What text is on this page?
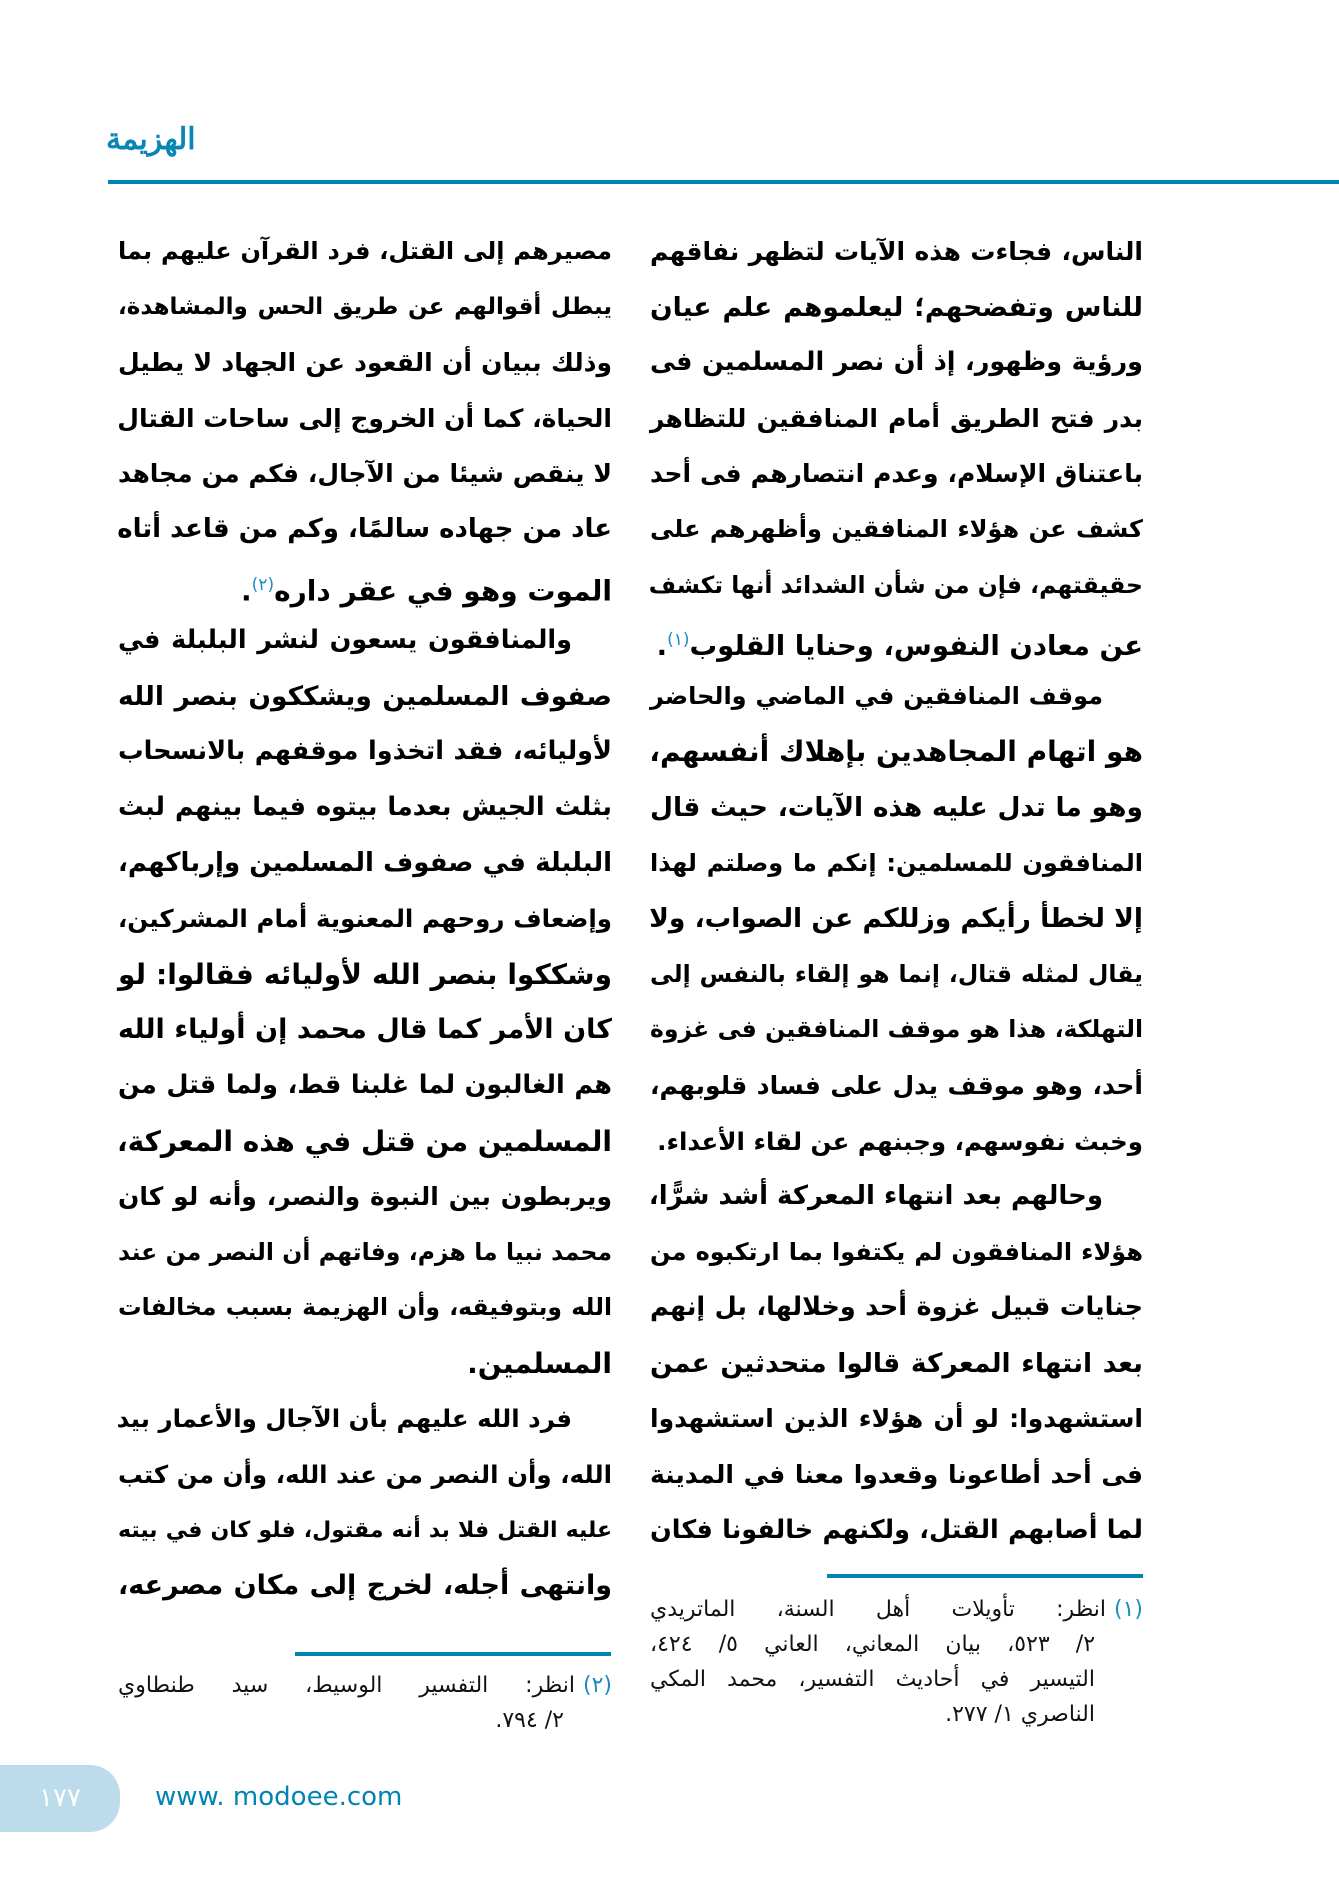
الهزيمة
الناس، فجاءت هذه الآيات لتظهر نفاقهم
للناس وتفضحهم؛ ليعلموهم علم عيان
ورؤية وظهور، إذ أن نصر المسلمين فى
بدر فتح الطريق أمام المنافقين للتظاهر
باعتناق الإسلام، وعدم انتصارهم فى أحد
كشف عن هؤلاء المنافقين وأظهرهم على
حقيقتهم، فإن من شأن الشدائد أنها تكشف
عن معادن النفوس، وحنايا القلوب$^{(١)}$.
موقف المنافقين في الماضي والحاضر
هو اتهام المجاهدين بإهلاك أنفسهم،
وهو ما تدل عليه هذه الآيات، حيث قال
المنافقون للمسلمين: إنكم ما وصلتم لهذا
إلا لخطأ رأيكم وزللكم عن الصواب، ولا
يقال لمثله قتال، إنما هو إلقاء بالنفس إلى
التهلكة، هذا هو موقف المنافقين فى غزوة
أحد، وهو موقف يدل على فساد قلوبهم،
وخبث نفوسهم، وجبنهم عن لقاء الأعداء.
وحالهم بعد انتهاء المعركة أشد شرًّا،
هؤلاء المنافقون لم يكتفوا بما ارتكبوه من
جنايات قبيل غزوة أحد وخلالها، بل إنهم
بعد انتهاء المعركة قالوا متحدثين عمن
استشهدوا: لو أن هؤلاء الذين استشهدوا
فى أحد أطاعونا وقعدوا معنا في المدينة
لما أصابهم القتل، ولكنهم خالفونا فكان
مصيرهم إلى القتل، فرد القرآن عليهم بما
يبطل أقوالهم عن طريق الحس والمشاهدة،
وذلك ببيان أن القعود عن الجهاد لا يطيل
الحياة، كما أن الخروج إلى ساحات القتال
لا ينقص شيئا من الآجال، فكم من مجاهد
عاد من جهاده سالمًا، وكم من قاعد أتاه
الموت وهو في عقر داره$^{(٢)}$.
والمنافقون يسعون لنشر البلبلة في
صفوف المسلمين ويشككون بنصر الله
لأوليائه، فقد اتخذوا موقفهم بالانسحاب
بثلث الجيش بعدما بيتوه فيما بينهم لبث
البلبلة في صفوف المسلمين وإرباكهم،
وإضعاف روحهم المعنوية أمام المشركين،
وشككوا بنصر الله لأوليائه فقالوا: لو
كان الأمر كما قال محمد إن أولياء الله
هم الغالبون لما غلبنا قط، ولما قتل من
المسلمين من قتل في هذه المعركة،
ويربطون بين النبوة والنصر، وأنه لو كان
محمد نبيا ما هزم، وفاتهم أن النصر من عند
الله وبتوفيقه، وأن الهزيمة بسبب مخالفات
المسلمين.
فرد الله عليهم بأن الآجال والأعمار بيد
الله، وأن النصر من عند الله، وأن من كتب
عليه القتل فلا بد أنه مقتول، فلو كان في بيته
وانتهى أجله، لخرج إلى مكان مصرعه،
(١)انظر: تأويلات أهل السنة، الماتريدي
٢/ ٥٢٣، بيان المعاني، العاني ٥/ ٤٢٤،
التيسير في أحاديث التفسير، محمد المكي
الناصري ١/ ٢٧٧.
(٢)انظر: التفسير الوسيط، سيد طنطاوي
٢/ ٧٩٤.
١٧٧	www. modoee.com
